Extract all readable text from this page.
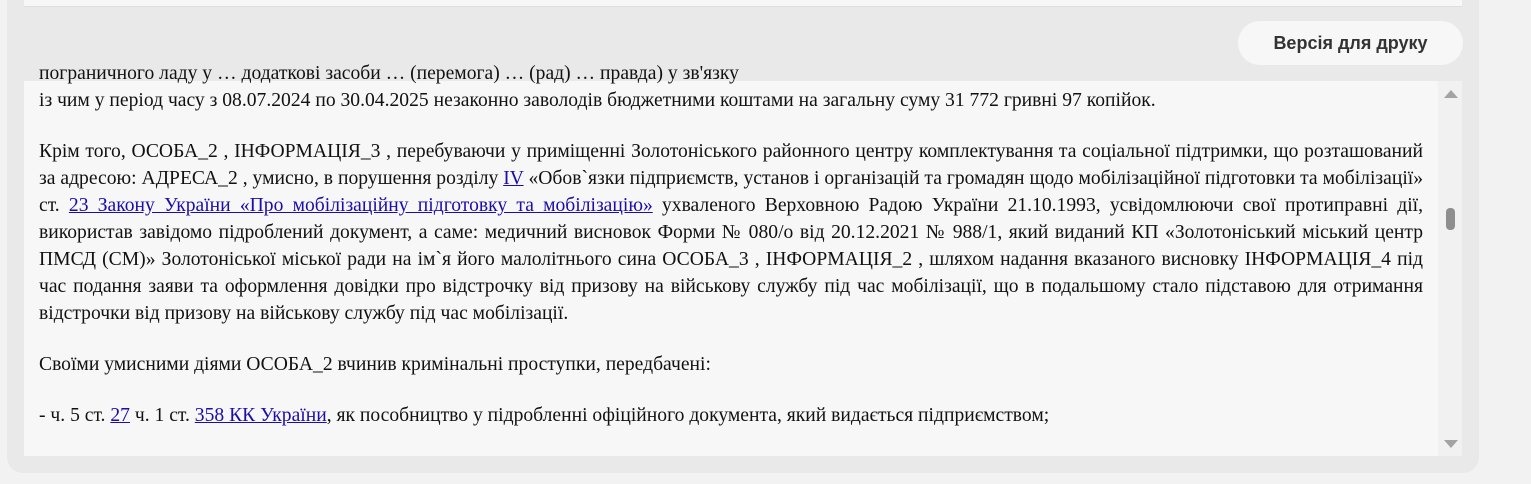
Версія для друку

пограничного ладу у … додаткові засоби … (перемога) … (рад) … правда) у зв'язку
із чим у період часу з 08.07.2024 по 30.04.2025 незаконно заволодів бюджетними коштами на загальну суму 31 772 гривні 97 копійок.

Крім того, ОСОБА_2 , ІНФОРМАЦІЯ_3 , перебуваючи у приміщенні Золотоніського районного центру комплектування та соціальної підтримки, що розташований за адресою: АДРЕСА_2 , умисно, в порушення розділу IV «Обов`язки підприємств, установ і організацій та громадян щодо мобілізаційної підготовки та мобілізації» ст. 23 Закону України «Про мобілізаційну підготовку та мобілізацію» ухваленого Верховною Радою України 21.10.1993, усвідомлюючи свої протиправні дії, використав завідомо підроблений документ, а саме: медичний висновок Форми № 080/о від 20.12.2021 № 988/1, який виданий КП «Золотоніський міський центр ПМСД (СМ)» Золотоніської міської ради на ім`я його малолітнього сина ОСОБА_3 , ІНФОРМАЦІЯ_2 , шляхом надання вказаного висновку ІНФОРМАЦІЯ_4 під час подання заяви та оформлення довідки про відстрочку від призову на військову службу під час мобілізації, що в подальшому стало підставою для отримання відстрочки від призову на військову службу під час мобілізації.

Своїми умисними діями ОСОБА_2 вчинив кримінальні проступки, передбачені:

- ч. 5 ст. 27 ч. 1 ст. 358 КК України, як пособництво у підробленні офіційного документа, який видається підприємством;
